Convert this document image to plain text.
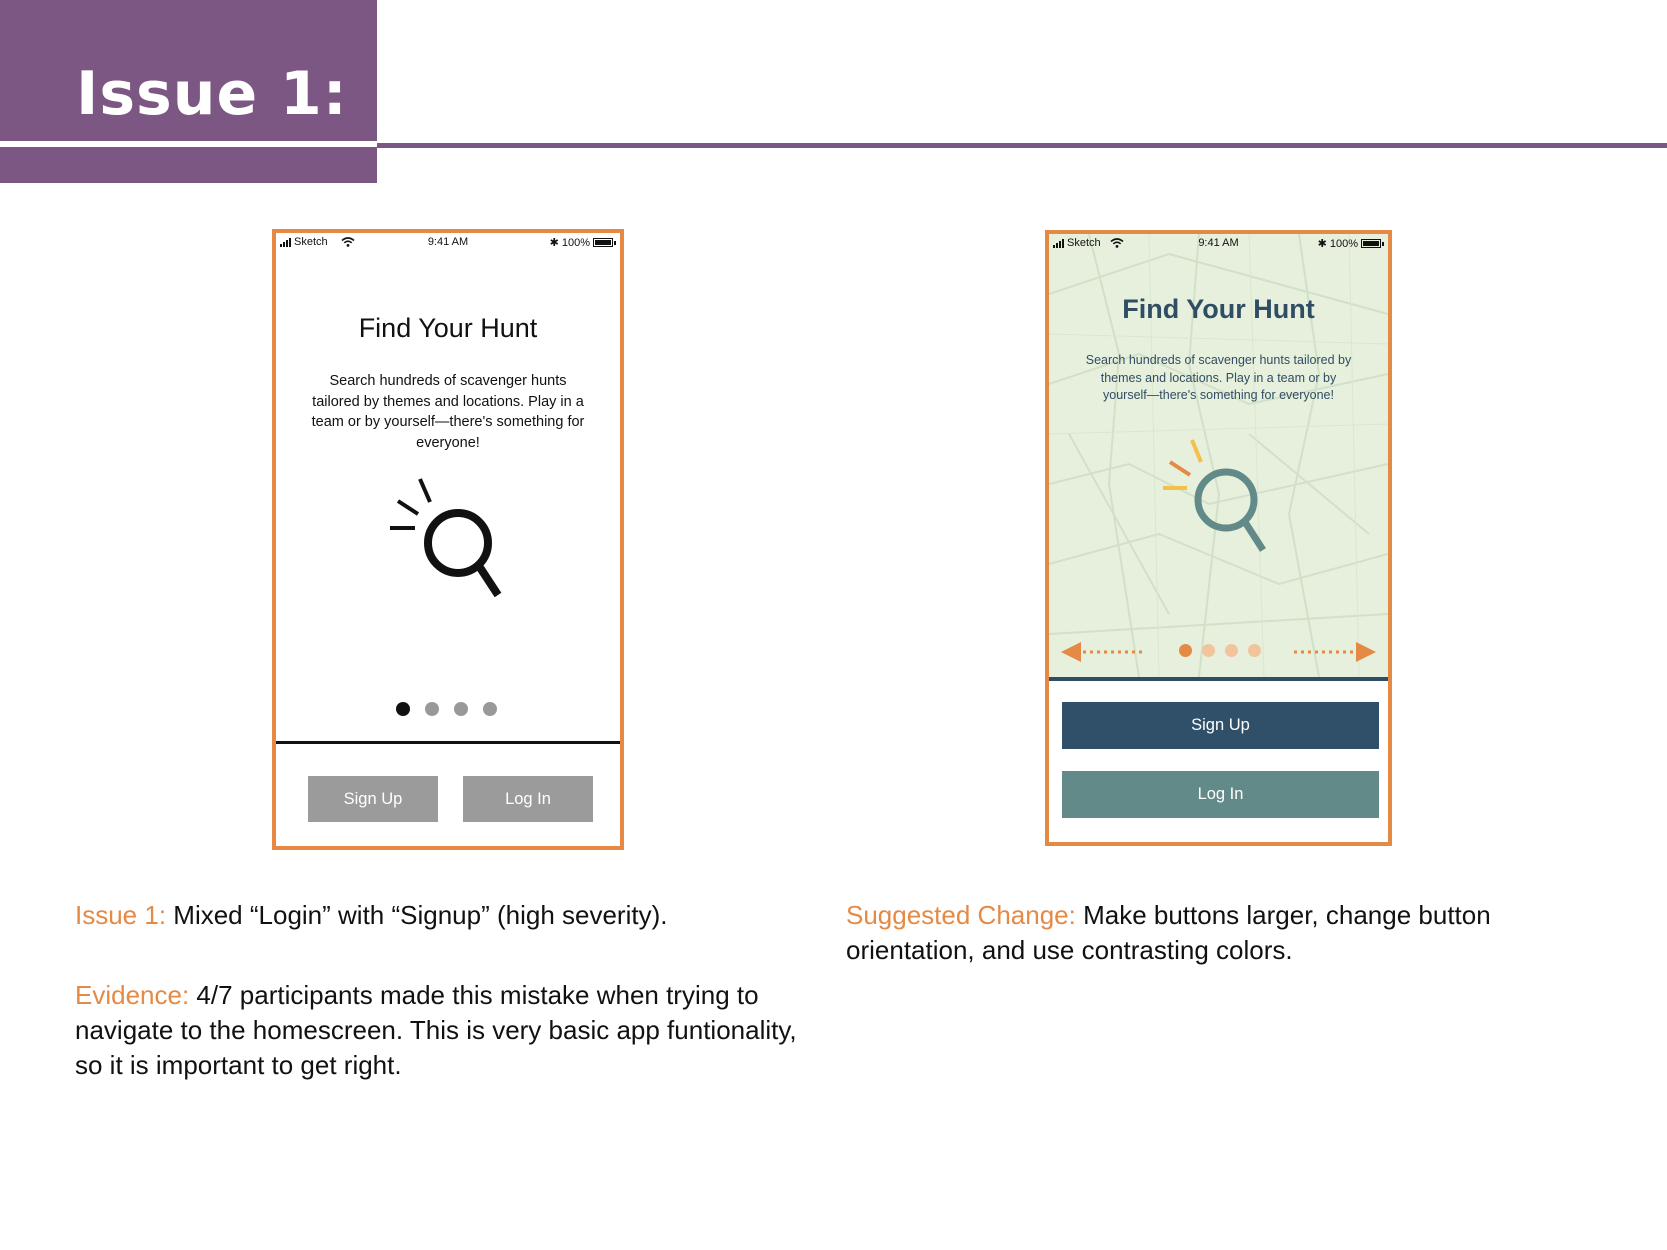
Issue 1:
Sketch	9:41 AM	✱ 100%
Find Your Hunt
Search hundreds of scavenger hunts tailored by themes and locations. Play in a team or by yourself—there's something for everyone!
Sign Up	Log In
Sketch	9:41 AM	✱ 100%
Find Your Hunt
Search hundreds of scavenger hunts tailored by themes and locations. Play in a team or by yourself—there's something for everyone!
Sign Up
Log In
Issue 1: Mixed “Login” with “Signup” (high severity).
Evidence: 4/7 participants made this mistake when trying to navigate to the homescreen. This is very basic app funtionality, so it is important to get right.
Suggested Change: Make buttons larger, change button orientation, and use contrasting colors.
